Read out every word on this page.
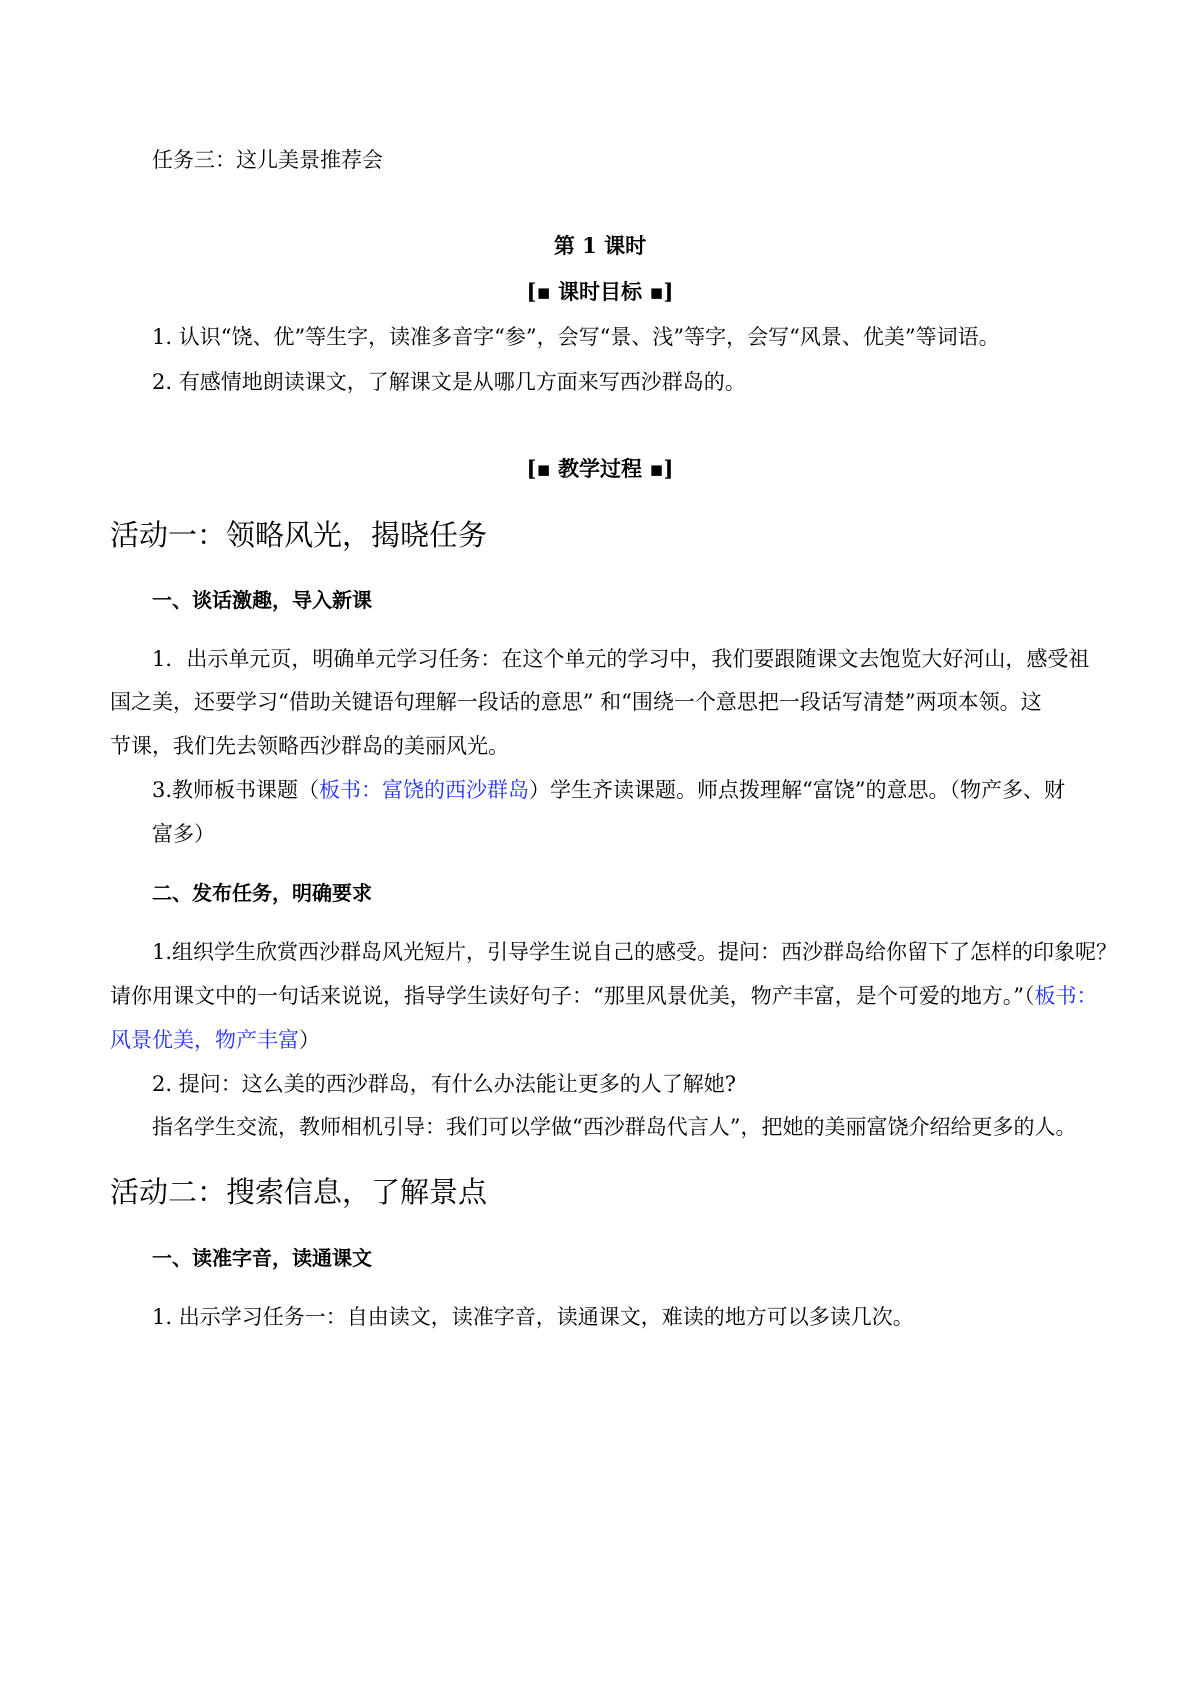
任务三：这儿美景推荐会

第 1 课时

[▪ 课时目标 ▪]

1. 认识“饶、优”等生字，读准多音字“参”，会写“景、浅”等字，会写“风景、优美”等词语。

2. 有感情地朗读课文，了解课文是从哪几方面来写西沙群岛的。

[▪ 教学过程 ▪]

活动一：领略风光，揭晓任务
一、谈话激趣，导入新课

1．出示单元页，明确单元学习任务：在这个单元的学习中，我们要跟随课文去饱览大好河山，感受祖

国之美，还要学习“借助关键语句理解一段话的意思” 和“围绕一个意思把一段话写清楚”两项本领。这

节课，我们先去领略西沙群岛的美丽风光。

3.教师板书课题（板书：富饶的西沙群岛）学生齐读课题。师点拨理解“富饶”的意思。（物产多、财

富多）

二、发布任务，明确要求

1.组织学生欣赏西沙群岛风光短片，引导学生说自己的感受。提问：西沙群岛给你留下了怎样的印象呢？

请你用课文中的一句话来说说，指导学生读好句子：“那里风景优美，物产丰富，是个可爱的地方。”（板书：

风景优美，物产丰富）

2. 提问：这么美的西沙群岛，有什么办法能让更多的人了解她?

指名学生交流，教师相机引导：我们可以学做“西沙群岛代言人”，把她的美丽富饶介绍给更多的人。

活动二：搜索信息，了解景点
一、读准字音，读通课文

1. 出示学习任务一：自由读文，读准字音，读通课文，难读的地方可以多读几次。
